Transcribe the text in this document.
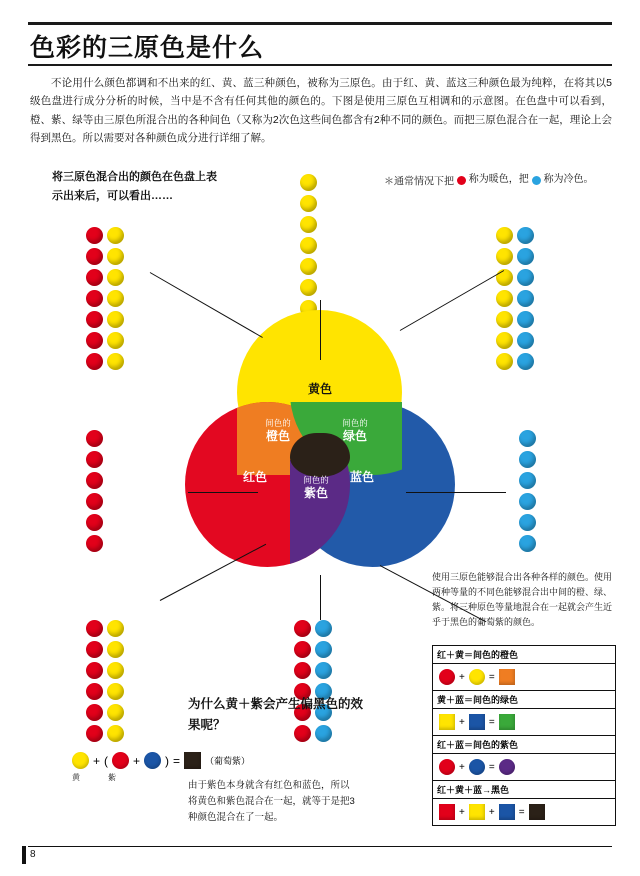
色彩的三原色是什么

不论用什么颜色都调和不出来的红、黄、蓝三种颜色，被称为三原色。由于红、黄、蓝这三种颜色最为纯粹，在将其以5级色盘进行成分分析的时候，当中是不含有任何其他的颜色的。下图是使用三原色互相调和的示意图。在色盘中可以看到，橙、紫、绿等由三原色所混合出的各种间色（又称为2次色这些间色都含有2种不同的颜色。而把三原色混合在一起，理论上会得到黑色。所以需要对各种颜色成分进行详细了解。

将三原色混合出的颜色在色盘上表示出来后，可以看出……
＊通常情况下把 称为暖色，把
称为冷色。
黄色
红色	蓝色
间色的
橙色
间色的
绿色
间色的
紫色
使用三原色能够混合出各种各样的颜色。使用两种等量的不同色能够混合出中间的橙、绿、紫。将三种原色等量地混合在一起就会产生近乎于黑色的葡萄紫的颜色。
红＋黄＝间色的橙色
+ =
黄＋蓝＝间色的绿色
+ =
红＋蓝＝间色的紫色
+ =
红＋黄＋蓝→黑色
+ + =
为什么黄＋紫会产生偏黑色的效果呢？
+ ( + ) =	（葡萄紫）
黄	紫
由于紫色本身就含有红色和蓝色，所以将黄色和紫色混合在一起，就等于是把3种颜色混合在了一起。
8
